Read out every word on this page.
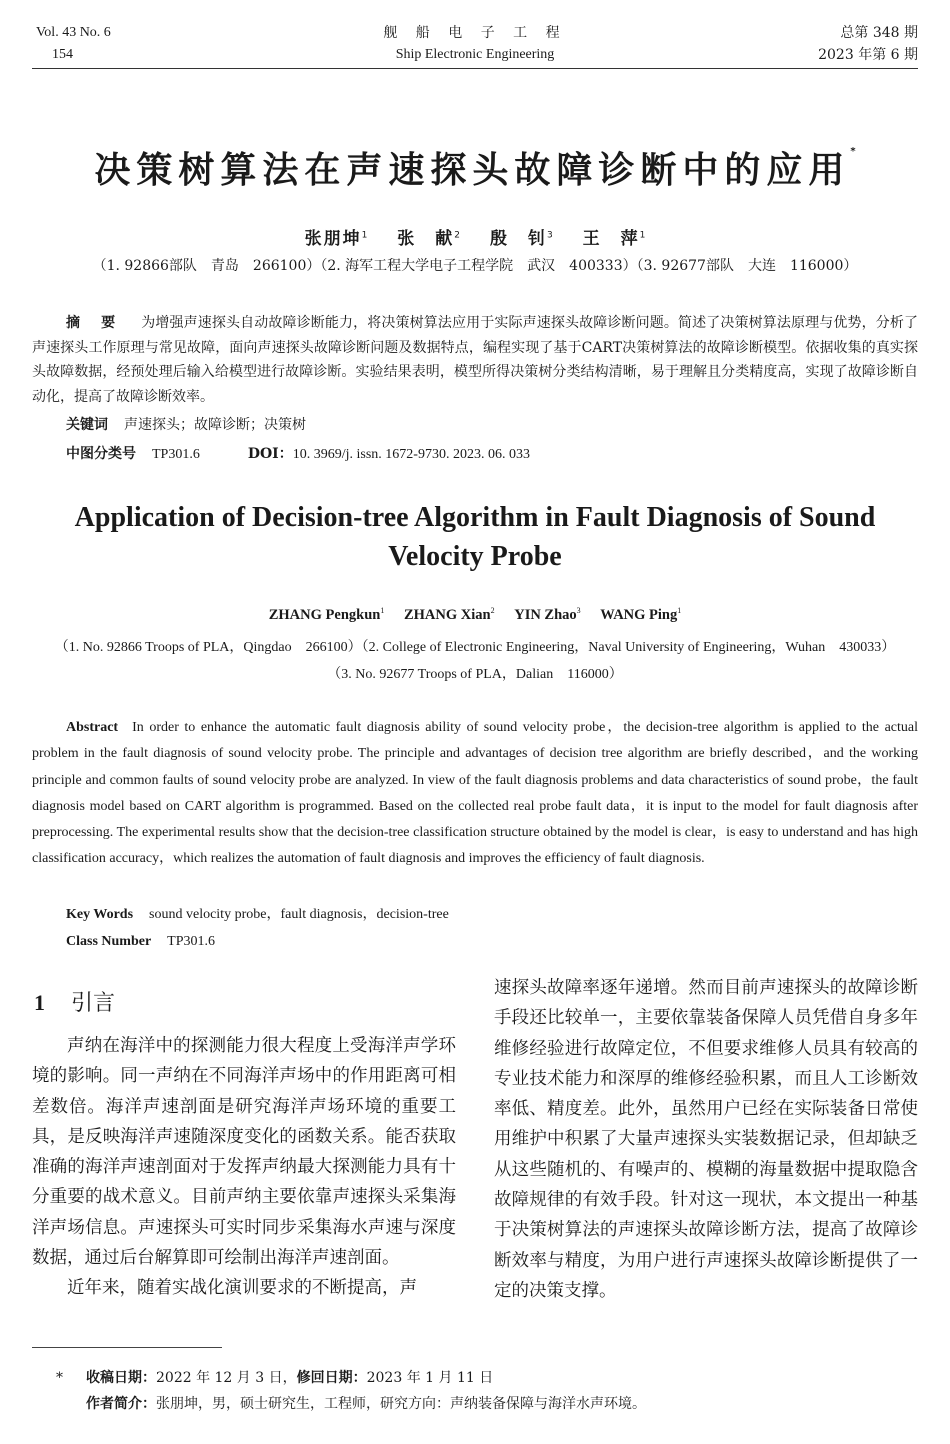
Vol. 43 No. 6
154
舰 船 电 子 工 程
Ship Electronic Engineering
总第 348 期
2023 年第 6 期
决策树算法在声速探头故障诊断中的应用*
张朋坤$^1$ 张　献$^2$ 殷　钊$^3$ 王　萍$^1$
（1. 92866部队　青岛　266100）（2. 海军工程大学电子工程学院　武汉　400333）（3. 92677部队　大连　116000）
摘 要 为增强声速探头自动故障诊断能力，将决策树算法应用于实际声速探头故障诊断问题。简述了决策树算法原理与优势，分析了声速探头工作原理与常见故障，面向声速探头故障诊断问题及数据特点，编程实现了基于CART决策树算法的故障诊断模型。依据收集的真实探头故障数据，经预处理后输入给模型进行故障诊断。实验结果表明，模型所得决策树分类结构清晰，易于理解且分类精度高，实现了故障诊断自动化，提高了故障诊断效率。
关键词 声速探头；故障诊断；决策树
中图分类号 TP301.6	DOI：10. 3969/j. issn. 1672-9730. 2023. 06. 033
Application of Decision-tree Algorithm in Fault Diagnosis of Sound Velocity Probe
ZHANG Pengkun$^1$ ZHANG Xian$^2$ YIN Zhao$^3$ WANG Ping$^1$
（1. No. 92866 Troops of PLA，Qingdao　266100）（2. College of Electronic Engineering，Naval University of Engineering，Wuhan　430033）（3. No. 92677 Troops of PLA，Dalian　116000）
Abstract In order to enhance the automatic fault diagnosis ability of sound velocity probe，the decision-tree algorithm is applied to the actual problem in the fault diagnosis of sound velocity probe. The principle and advantages of decision tree algorithm are briefly described，and the working principle and common faults of sound velocity probe are analyzed. In view of the fault diagnosis problems and data characteristics of sound probe，the fault diagnosis model based on CART algorithm is programmed. Based on the collected real probe fault data，it is input to the model for fault diagnosis after preprocessing. The experimental results show that the decision-tree classification structure obtained by the model is clear，is easy to understand and has high classification accuracy，which realizes the automation of fault diagnosis and improves the efficiency of fault diagnosis.
Key Words sound velocity probe，fault diagnosis，decision-tree
Class Number TP301.6
1 引言

声纳在海洋中的探测能力很大程度上受海洋声学环境的影响。同一声纳在不同海洋声场中的作用距离可相差数倍。海洋声速剖面是研究海洋声场环境的重要工具，是反映海洋声速随深度变化的函数关系。能否获取准确的海洋声速剖面对于发挥声纳最大探测能力具有十分重要的战术意义。目前声纳主要依靠声速探头采集海洋声场信息。声速探头可实时同步采集海水声速与深度数据，通过后台解算即可绘制出海洋声速剖面。

近年来，随着实战化演训要求的不断提高，声

速探头故障率逐年递增。然而目前声速探头的故障诊断手段还比较单一，主要依靠装备保障人员凭借自身多年维修经验进行故障定位，不但要求维修人员具有较高的专业技术能力和深厚的维修经验积累，而且人工诊断效率低、精度差。此外，虽然用户已经在实际装备日常使用维护中积累了大量声速探头实装数据记录，但却缺乏从这些随机的、有噪声的、模糊的海量数据中提取隐含故障规律的有效手段。针对这一现状，本文提出一种基于决策树算法的声速探头故障诊断方法，提高了故障诊断效率与精度，为用户进行声速探头故障诊断提供了一定的决策支撑。

* 收稿日期：2022 年 12 月 3 日，修回日期：2023 年 1 月 11 日
作者简介：张朋坤，男，硕士研究生，工程师，研究方向：声纳装备保障与海洋水声环境。
